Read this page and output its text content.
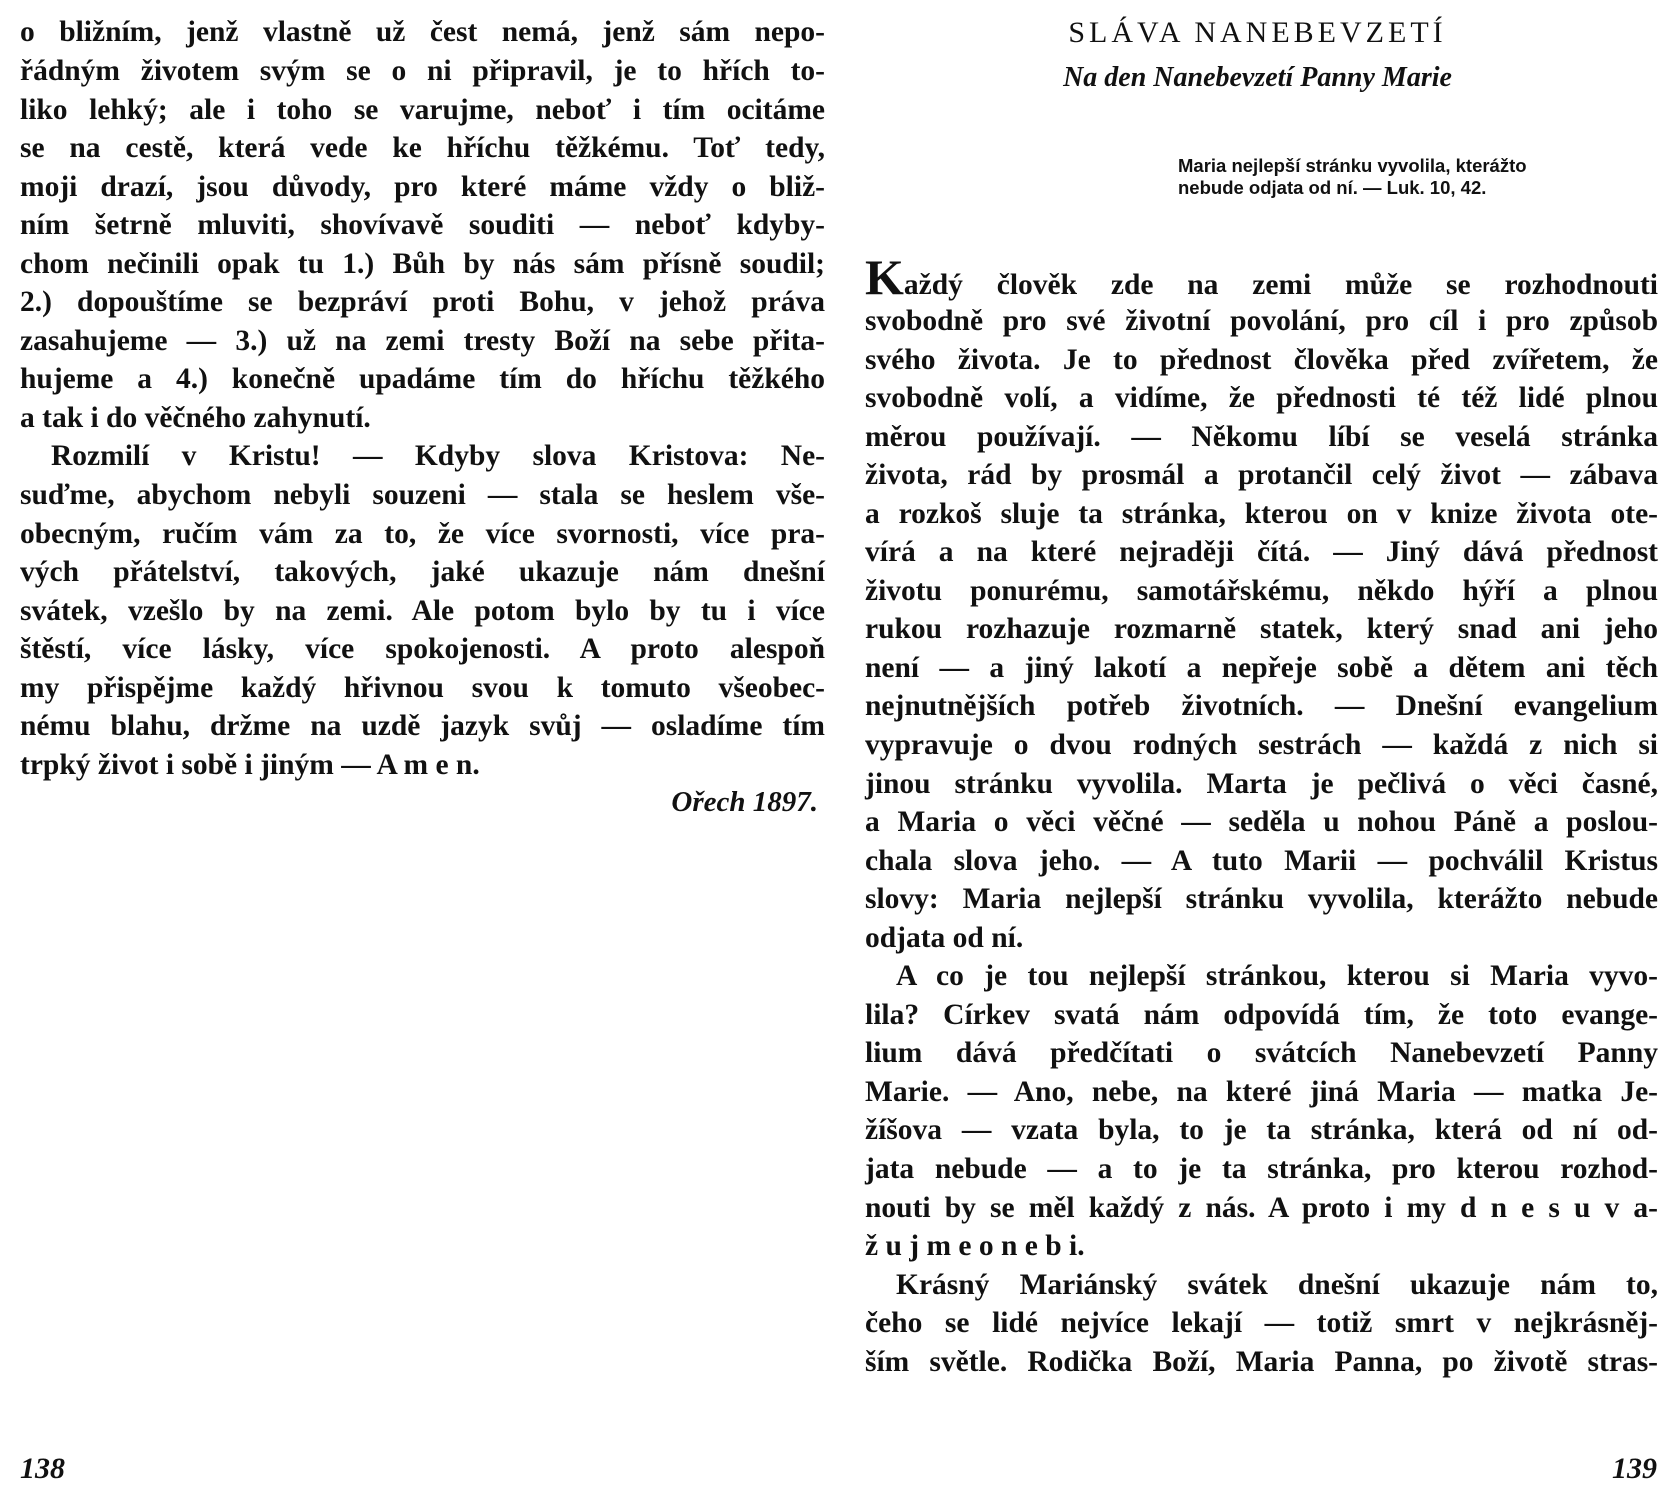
o bližním, jenž vlastně už čest nemá, jenž sám nepo-
řádným životem svým se o ni připravil, je to hřích to-
liko lehký; ale i toho se varujme, neboť i tím ocitáme
se na cestě, která vede ke hříchu těžkému. Toť tedy,
moji drazí, jsou důvody, pro které máme vždy o bliž-
ním šetrně mluviti, shovívavě souditi — neboť kdyby-
chom nečinili opak tu 1.) Bůh by nás sám přísně soudil;
2.) dopouštíme se bezpráví proti Bohu, v jehož práva
zasahujeme — 3.) už na zemi tresty Boží na sebe přita-
hujeme a 4.) konečně upadáme tím do hříchu těžkého
a tak i do věčného zahynutí.
Rozmilí v Kristu! — Kdyby slova Kristova: Ne-
suďme, abychom nebyli souzeni — stala se heslem vše-
obecným, ručím vám za to, že více svornosti, více pra-
vých přátelství, takových, jaké ukazuje nám dnešní
svátek, vzešlo by na zemi. Ale potom bylo by tu i více
štěstí, více lásky, více spokojenosti. A proto alespoň
my přispějme každý hřivnou svou k tomuto všeobec-
nému blahu, držme na uzdě jazyk svůj — osladíme tím
trpký život i sobě i jiným — A m e n.
Ořech 1897.
138
SLÁVA NANEBEVZETÍ
Na den Nanebevzetí Panny Marie
Maria nejlepší stránku vyvolila, kterážto
nebude odjata od ní. — Luk. 10, 42.
Každý člověk zde na zemi může se rozhodnouti
svobodně pro své životní povolání, pro cíl i pro způsob
svého života. Je to přednost člověka před zvířetem, že
svobodně volí, a vidíme, že přednosti té též lidé plnou
měrou používají. — Někomu líbí se veselá stránka
života, rád by prosmál a protančil celý život — zábava
a rozkoš sluje ta stránka, kterou on v knize života ote-
vírá a na které nejraději čítá. — Jiný dává přednost
životu ponurému, samotářskému, někdo hýří a plnou
rukou rozhazuje rozmarně statek, který snad ani jeho
není — a jiný lakotí a nepřeje sobě a dětem ani těch
nejnutnějších potřeb životních. — Dnešní evangelium
vypravuje o dvou rodných sestrách — každá z nich si
jinou stránku vyvolila. Marta je pečlivá o věci časné,
a Maria o věci věčné — seděla u nohou Páně a poslou-
chala slova jeho. — A tuto Marii — pochválil Kristus
slovy: Maria nejlepší stránku vyvolila, kterážto nebude
odjata od ní.
A co je tou nejlepší stránkou, kterou si Maria vyvo-
lila? Církev svatá nám odpovídá tím, že toto evange-
lium dává předčítati o svátcích Nanebevzetí Panny
Marie. — Ano, nebe, na které jiná Maria — matka Je-
žíšova — vzata byla, to je ta stránka, která od ní od-
jata nebude — a to je ta stránka, pro kterou rozhod-
nouti by se měl každý z nás. A proto i my d n e s u v a-
ž u j m e o n e b i.
Krásný Mariánský svátek dnešní ukazuje nám to,
čeho se lidé nejvíce lekají — totiž smrt v nejkrásněj-
ším světle. Rodička Boží, Maria Panna, po životě stras-
139
